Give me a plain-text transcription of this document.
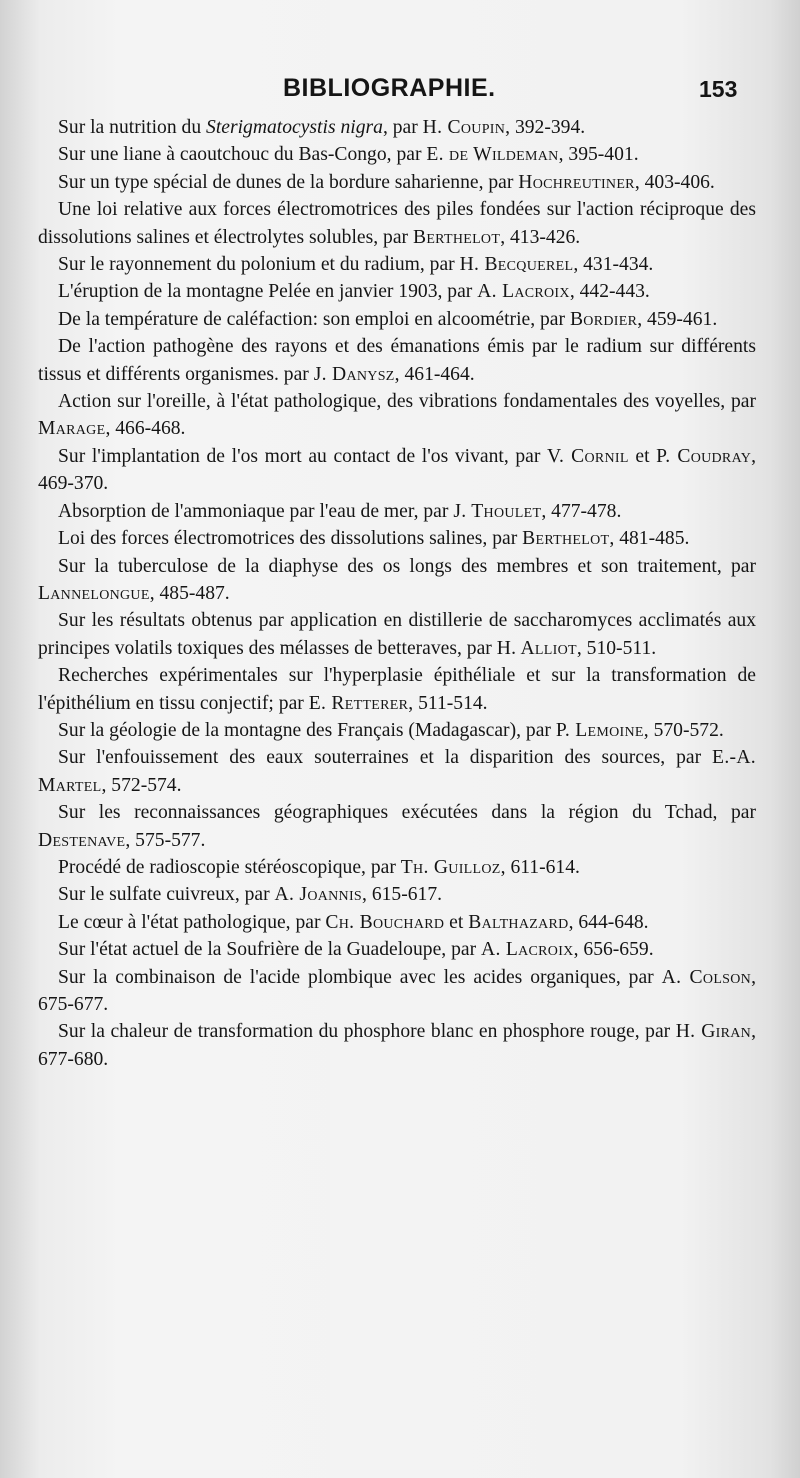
BIBLIOGRAPHIE.	153

Sur la nutrition du Sterigmatocystis nigra, par H. Coupin, 392-394.

Sur une liane à caoutchouc du Bas-Congo, par E. de Wildeman, 395-401.

Sur un type spécial de dunes de la bordure saharienne, par Hochreutiner, 403-406.

Une loi relative aux forces électromotrices des piles fondées sur l'action réciproque des dissolutions salines et électrolytes solubles, par Berthelot, 413-426.

Sur le rayonnement du polonium et du radium, par H. Becquerel, 431-434.

L'éruption de la montagne Pelée en janvier 1903, par A. Lacroix, 442-443.

De la température de caléfaction: son emploi en alcoométrie, par Bordier, 459-461.

De l'action pathogène des rayons et des émanations émis par le radium sur différents tissus et différents organismes. par J. Danysz, 461-464.

Action sur l'oreille, à l'état pathologique, des vibrations fondamentales des voyelles, par Marage, 466-468.

Sur l'implantation de l'os mort au contact de l'os vivant, par V. Cornil et P. Coudray, 469-370.

Absorption de l'ammoniaque par l'eau de mer, par J. Thoulet, 477-478.

Loi des forces électromotrices des dissolutions salines, par Berthelot, 481-485.

Sur la tuberculose de la diaphyse des os longs des membres et son traitement, par Lannelongue, 485-487.

Sur les résultats obtenus par application en distillerie de saccharomyces acclimatés aux principes volatils toxiques des mélasses de betteraves, par H. Alliot, 510-511.

Recherches expérimentales sur l'hyperplasie épithéliale et sur la transformation de l'épithélium en tissu conjectif; par E. Retterer, 511-514.

Sur la géologie de la montagne des Français (Madagascar), par P. Lemoine, 570-572.

Sur l'enfouissement des eaux souterraines et la disparition des sources, par E.-A. Martel, 572-574.

Sur les reconnaissances géographiques exécutées dans la région du Tchad, par Destenave, 575-577.

Procédé de radioscopie stéréoscopique, par Th. Guilloz, 611-614.

Sur le sulfate cuivreux, par A. Joannis, 615-617.

Le cœur à l'état pathologique, par Ch. Bouchard et Balthazard, 644-648.

Sur l'état actuel de la Soufrière de la Guadeloupe, par A. Lacroix, 656-659.

Sur la combinaison de l'acide plombique avec les acides organiques, par A. Colson, 675-677.

Sur la chaleur de transformation du phosphore blanc en phosphore rouge, par H. Giran, 677-680.
